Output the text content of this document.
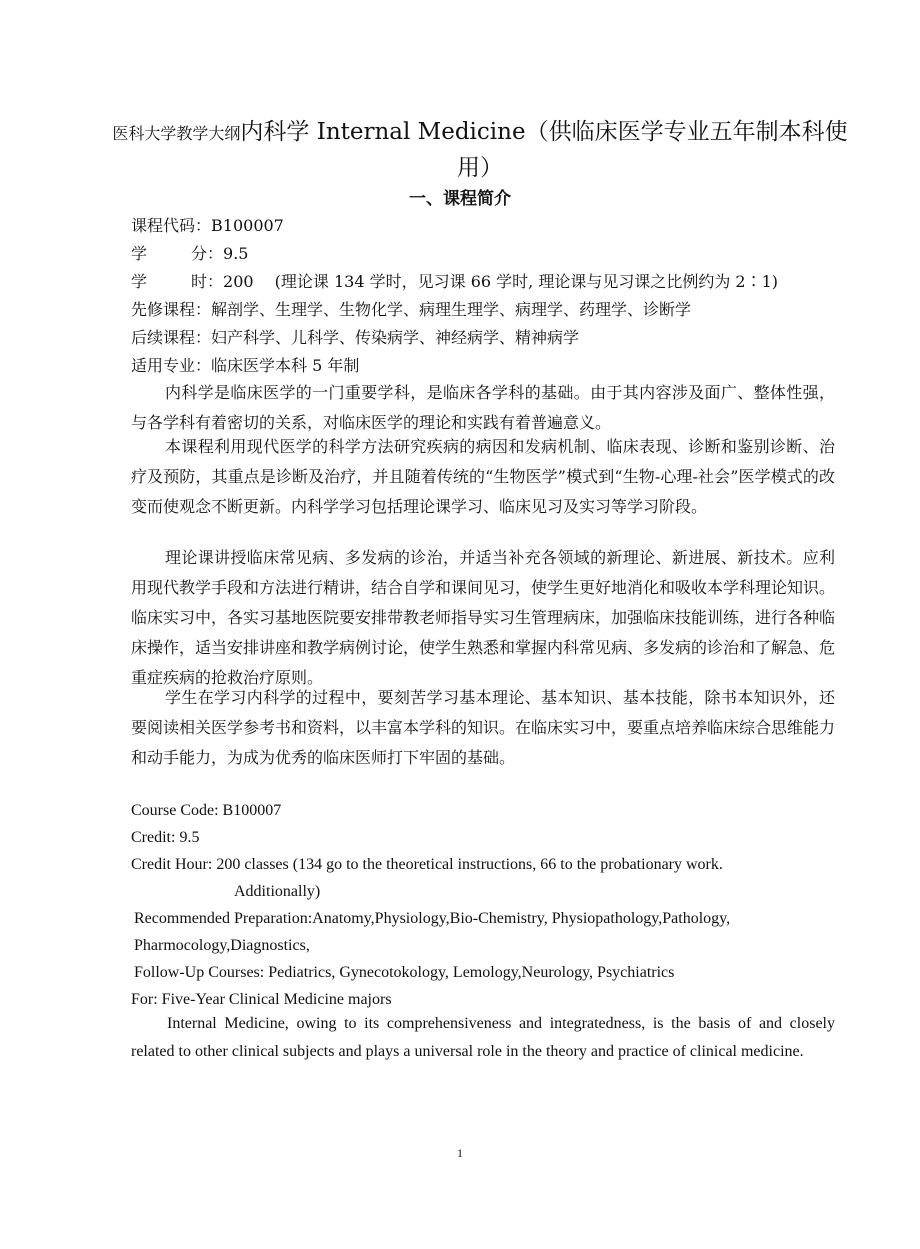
医科大学教学大纲内科学 Internal Medicine（供临床医学专业五年制本科使
用）
一、课程简介
课程代码：B100007
学	分：9.5
学	时：200 　(理论课 134 学时，见习课 66 学时, 理论课与见习课之比例约为 2∶1)
先修课程：解剖学、生理学、生物化学、病理生理学、病理学、药理学、诊断学
后续课程：妇产科学、儿科学、传染病学、神经病学、精神病学
适用专业：临床医学本科 5 年制
内科学是临床医学的一门重要学科，是临床各学科的基础。由于其内容涉及面广、整体性强，与各学科有着密切的关系，对临床医学的理论和实践有着普遍意义。
本课程利用现代医学的科学方法研究疾病的病因和发病机制、临床表现、诊断和鉴别诊断、治疗及预防，其重点是诊断及治疗，并且随着传统的“生物医学”模式到“生物-心理-社会”医学模式的改变而使观念不断更新。内科学学习包括理论课学习、临床见习及实习等学习阶段。
理论课讲授临床常见病、多发病的诊治，并适当补充各领域的新理论、新进展、新技术。应利用现代教学手段和方法进行精讲，结合自学和课间见习，使学生更好地消化和吸收本学科理论知识。临床实习中，各实习基地医院要安排带教老师指导实习生管理病床，加强临床技能训练，进行各种临床操作，适当安排讲座和教学病例讨论，使学生熟悉和掌握内科常见病、多发病的诊治和了解急、危重症疾病的抢救治疗原则。
学生在学习内科学的过程中，要刻苦学习基本理论、基本知识、基本技能，除书本知识外，还要阅读相关医学参考书和资料，以丰富本学科的知识。在临床实习中，要重点培养临床综合思维能力和动手能力，为成为优秀的临床医师打下牢固的基础。
Course Code: B100007
Credit: 9.5
Credit Hour: 200 classes (134 go to the theoretical instructions, 66 to the probationary work.
Additionally)
Recommended Preparation:Anatomy,Physiology,Bio-Chemistry, Physiopathology,Pathology,
Pharmocology,Diagnostics,
Follow-Up Courses: Pediatrics, Gynecotokology, Lemology,Neurology, Psychiatrics
For: Five-Year Clinical Medicine majors
Internal Medicine, owing to its comprehensiveness and integratedness, is the basis of and closely related to other clinical subjects and plays a universal role in the theory and practice of clinical medicine.
1
